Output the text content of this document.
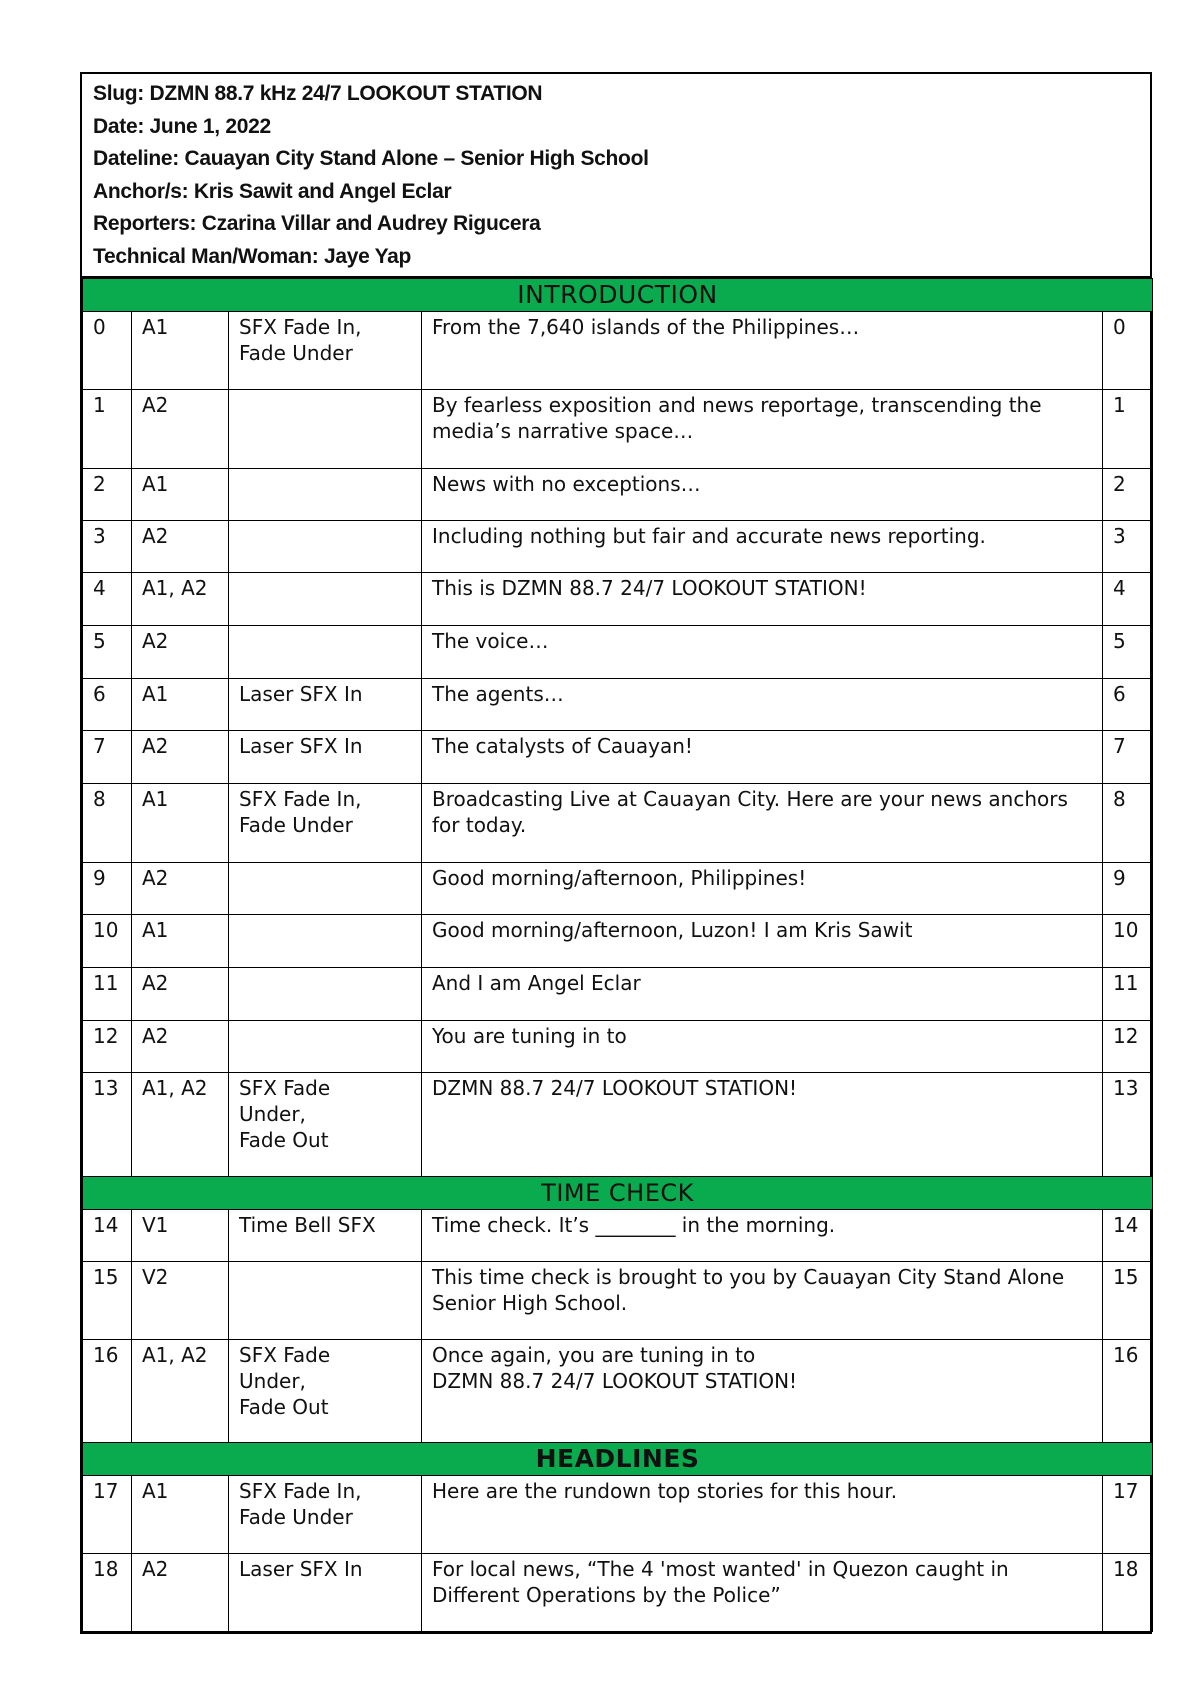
Slug: DZMN 88.7 kHz 24/7 LOOKOUT STATION
Date: June 1, 2022
Dateline: Cauayan City Stand Alone – Senior High School
Anchor/s: Kris Sawit and Angel Eclar
Reporters: Czarina Villar and Audrey Rigucera
Technical Man/Woman: Jaye Yap
INTRODUCTION				
0	A1	SFX Fade In,
Fade Under	From the 7,640 islands of the Philippines…	0
1	A2		By fearless exposition and news reportage, transcending the media’s narrative space…	1
2	A1		News with no exceptions…	2
3	A2		Including nothing but fair and accurate news reporting.	3
4	A1, A2		This is DZMN 88.7 24/7 LOOKOUT STATION!	4
5	A2		The voice…	5
6	A1	Laser SFX In	The agents…	6
7	A2	Laser SFX In	The catalysts of Cauayan!	7
8	A1	SFX Fade In,
Fade Under	Broadcasting Live at Cauayan City. Here are your news anchors for today.	8
9	A2		Good morning/afternoon, Philippines!	9
10	A1		Good morning/afternoon, Luzon! I am Kris Sawit	10
11	A2		And I am Angel Eclar	11
12	A2		You are tuning in to	12
13	A1, A2	SFX Fade
Under,
Fade Out	DZMN 88.7 24/7 LOOKOUT STATION!	13
TIME CHECK				
14	V1	Time Bell SFX	Time check. It’s ________ in the morning.	14
15	V2		This time check is brought to you by Cauayan City Stand Alone Senior High School.	15
16	A1, A2	SFX Fade
Under,
Fade Out	Once again, you are tuning in to
DZMN 88.7 24/7 LOOKOUT STATION!	16
HEADLINES				
17	A1	SFX Fade In,
Fade Under	Here are the rundown top stories for this hour.	17
18	A2	Laser SFX In	For local news, “The 4 'most wanted' in Quezon caught in Different Operations by the Police”	18
